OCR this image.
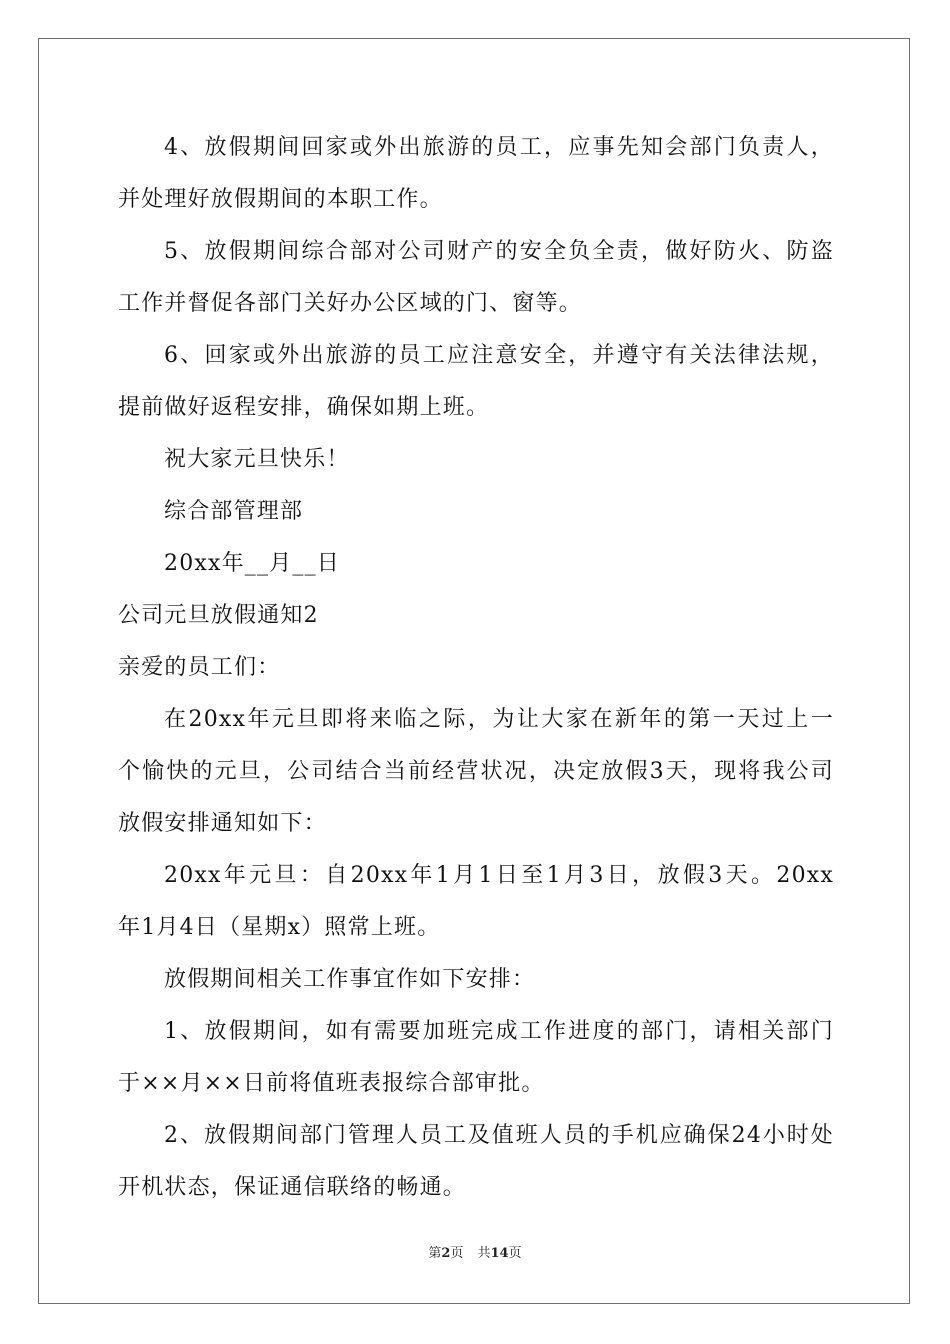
4、放假期间回家或外出旅游的员工，应事先知会部门负责人，
并处理好放假期间的本职工作。
5、放假期间综合部对公司财产的安全负全责，做好防火、防盗
工作并督促各部门关好办公区域的门、窗等。
6、回家或外出旅游的员工应注意安全，并遵守有关法律法规，
提前做好返程安排，确保如期上班。
祝大家元旦快乐！
综合部管理部
20xx年__月__日
公司元旦放假通知2
亲爱的员工们：
在20xx年元旦即将来临之际，为让大家在新年的第一天过上一
个愉快的元旦，公司结合当前经营状况，决定放假3天，现将我公司
放假安排通知如下：
20xx年元旦：自20xx年1月1日至1月3日，放假3天。20xx
年1月4日（星期x）照常上班。
放假期间相关工作事宜作如下安排：
1、放假期间，如有需要加班完成工作进度的部门，请相关部门
于××月××日前将值班表报综合部审批。
2、放假期间部门管理人员工及值班人员的手机应确保24小时处
开机状态，保证通信联络的畅通。
第2页 共14页
